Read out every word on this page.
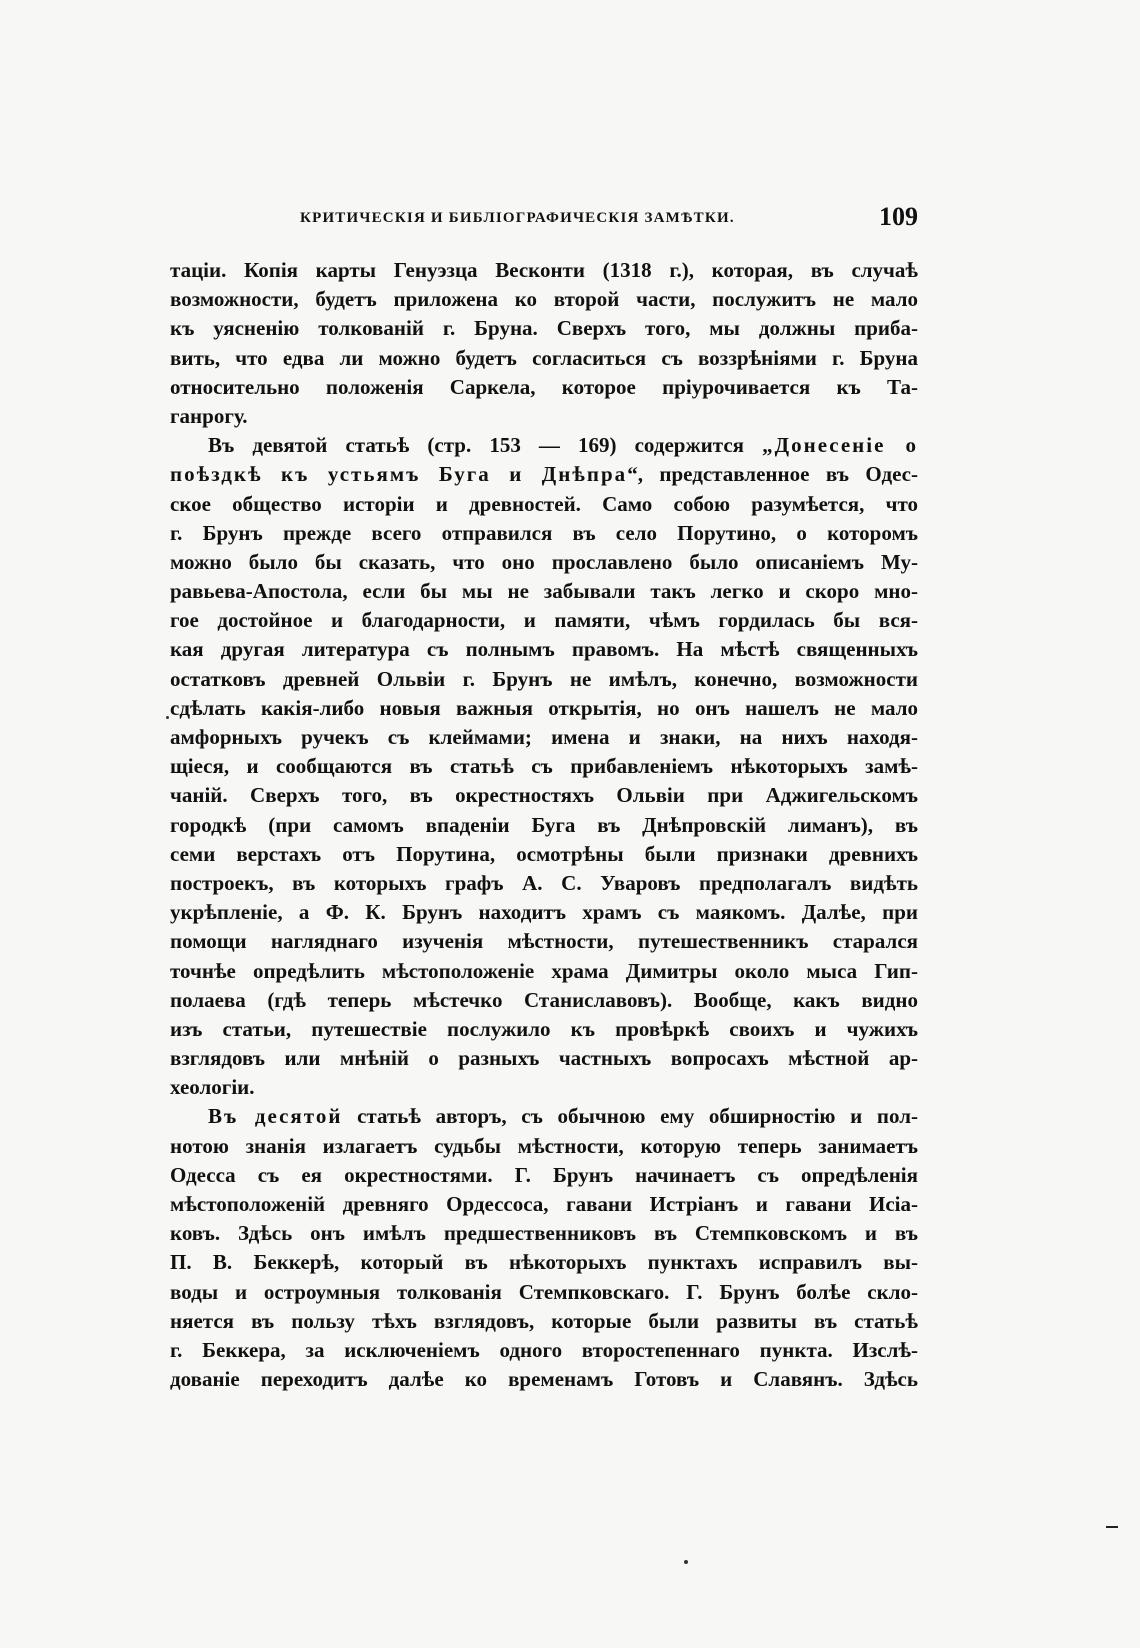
КРИТИЧЕСКІЯ И БИБЛІОГРАФИЧЕСКІЯ ЗАМѢТКИ.	109
таціи. Копія карты Генуэзца Весконти (1318 г.), которая, въ случаѣ
возможности, будетъ приложена ко второй части, послужитъ не мало
къ уясненію толкованій г. Бруна. Сверхъ того, мы должны приба-
вить, что едва ли можно будетъ согласиться съ воззрѣніями г. Бруна
относительно положенія Саркела, которое пріурочивается къ Та-
ганрогу.
Въ девятой статьѣ (стр. 153 — 169) содержится „Донесеніе о
поѣздкѣ къ устьямъ Буга и Днѣпра“, представленное въ Одес-
ское общество исторіи и древностей. Само собою разумѣется, что
г. Брунъ прежде всего отправился въ село Порутино, о которомъ
можно было бы сказать, что оно прославлено было описаніемъ Му-
равьева-Апостола, если бы мы не забывали такъ легко и скоро мно-
гое достойное и благодарности, и памяти, чѣмъ гордилась бы вся-
кая другая литература съ полнымъ правомъ. На мѣстѣ священныхъ
остатковъ древней Ольвіи г. Брунъ не имѣлъ, конечно, возможности
сдѣлать какія-либо новыя важныя открытія, но онъ нашелъ не мало
амфорныхъ ручекъ съ клеймами; имена и знаки, на нихъ находя-
щіеся, и сообщаются въ статьѣ съ прибавленіемъ нѣкоторыхъ замѣ-
чаній. Сверхъ того, въ окрестностяхъ Ольвіи при Аджигельскомъ
городкѣ (при самомъ впаденіи Буга въ Днѣпровскій лиманъ), въ
семи верстахъ отъ Порутина, осмотрѣны были признаки древнихъ
построекъ, въ которыхъ графъ А. С. Уваровъ предполагалъ видѣть
укрѣпленіе, а Ф. К. Брунъ находитъ храмъ съ маякомъ. Далѣе, при
помощи нагляднаго изученія мѣстности, путешественникъ старался
точнѣе опредѣлить мѣстоположеніе храма Димитры около мыса Гип-
полаева (гдѣ теперь мѣстечко Станиславовъ). Вообще, какъ видно
изъ статьи, путешествіе послужило къ провѣркѣ своихъ и чужихъ
взглядовъ или мнѣній о разныхъ частныхъ вопросахъ мѣстной ар-
хеологіи.
Въ десятой статьѣ авторъ, съ обычною ему обширностію и пол-
нотою знанія излагаетъ судьбы мѣстности, которую теперь занимаетъ
Одесса съ ея окрестностями. Г. Брунъ начинаетъ съ опредѣленія
мѣстоположеній древняго Ордессоса, гавани Истріанъ и гавани Исіа-
ковъ. Здѣсь онъ имѣлъ предшественниковъ въ Стемпковскомъ и въ
П. В. Беккерѣ, который въ нѣкоторыхъ пунктахъ исправилъ вы-
воды и остроумныя толкованія Стемпковскаго. Г. Брунъ болѣе скло-
няется въ пользу тѣхъ взглядовъ, которые были развиты въ статьѣ
г. Беккера, за исключеніемъ одного второстепеннаго пункта. Изслѣ-
дованіе переходитъ далѣе ко временамъ Готовъ и Славянъ. Здѣсь
